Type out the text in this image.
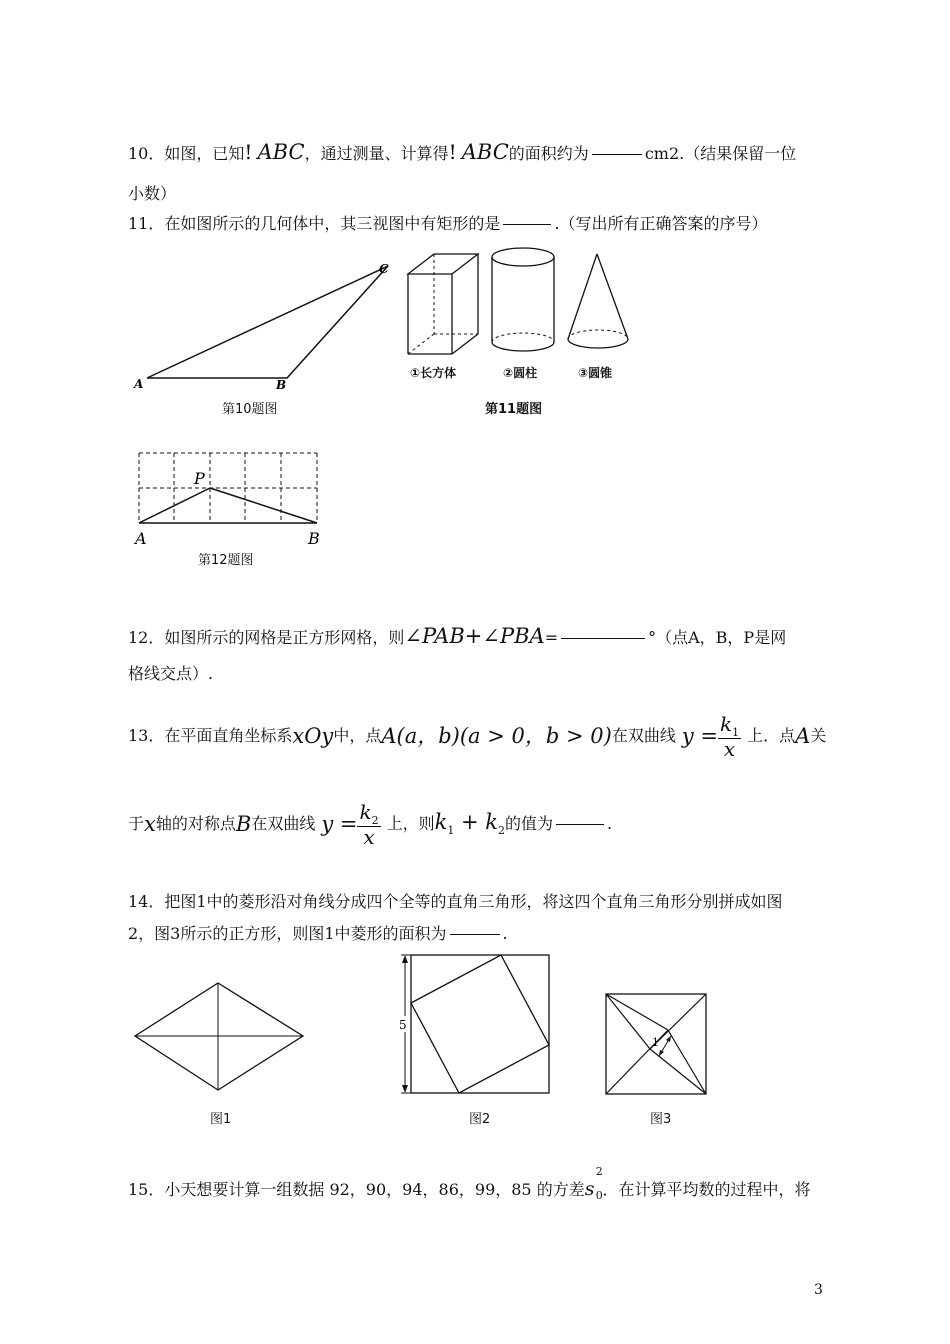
10．如图，已知! ABC，通过测量、计算得! ABC的面积约为	cm2.（结果保留一位
小数）
11．在如图所示的几何体中，其三视图中有矩形的是	.（写出所有正确答案的序号）
A	B
C
第10题图
①长方体	②圆柱	③圆锥
第11题图
P
A	B
第12题图
12．如图所示的网格是正方形网格，则∠PAB+∠PBA=	°（点A，B，P是网
格线交点）.
13．在平面直角坐标系 xOy 中，点 A (a，b)(a > 0，b > 0) 在双曲线 $y = \frac{k_1}{x}$ 上．点 A 关
于 x 轴的对称点 B 在双曲线 $y = \frac{k_2}{x}$ 上，则 $k_1 + k_2$ 的值为	.
14．把图1中的菱形沿对角线分成四个全等的直角三角形，将这四个直角三角形分别拼成如图
2，图3所示的正方形，则图1中菱形的面积为	.
图1
5
图2
1
图3
15．小天想要计算一组数据 92，90，94，86，99，85 的方差s
2
0 ．在计算平均数的过程中，将
3
